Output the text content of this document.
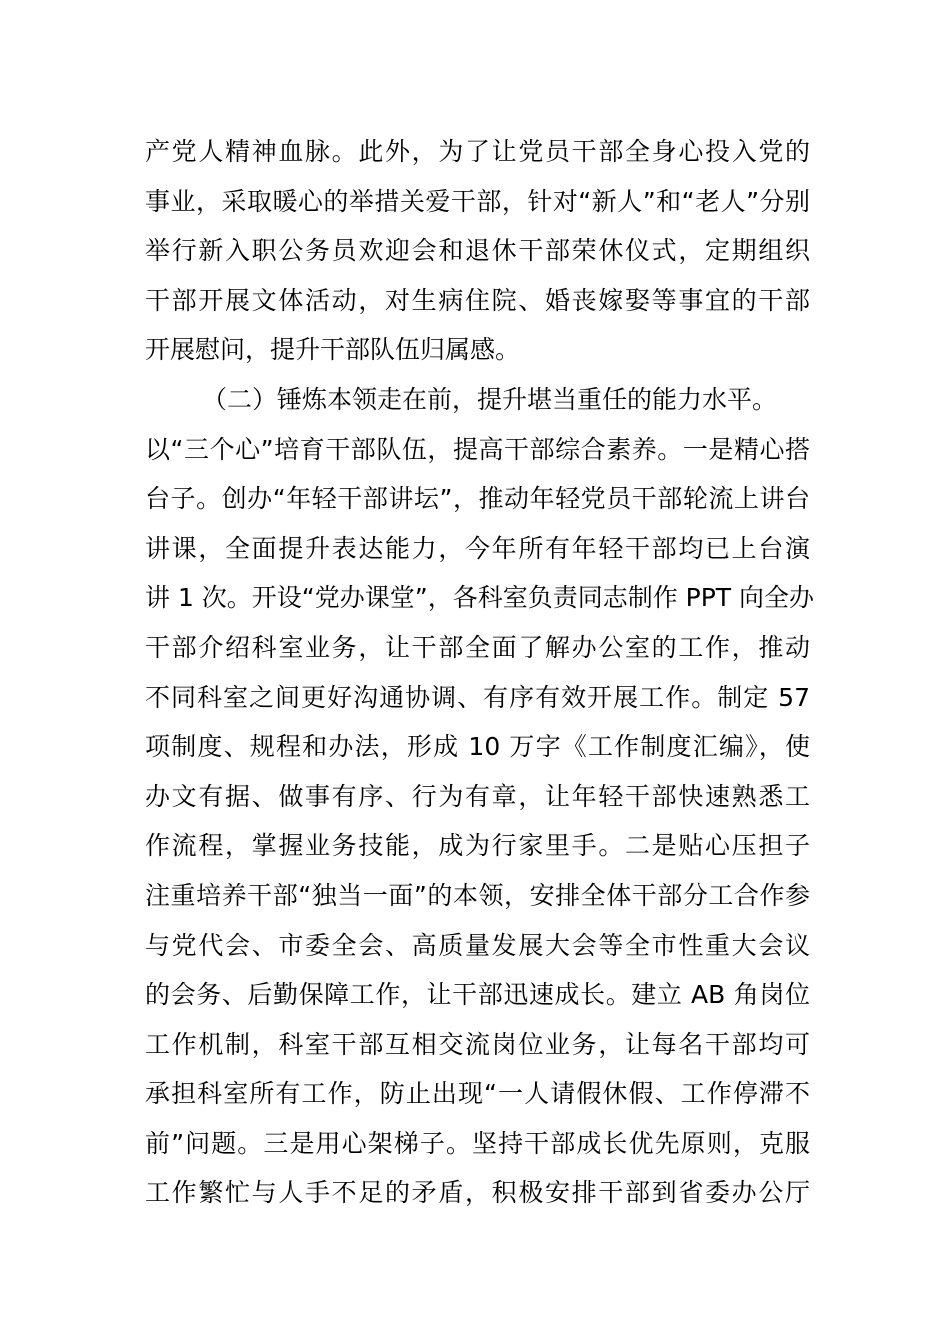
产党人精神血脉。此外，为了让党员干部全身心投入党的
事业，采取暖心的举措关爱干部，针对“新人”和“老人”分别
举行新入职公务员欢迎会和退休干部荣休仪式，定期组织
干部开展文体活动，对生病住院、婚丧嫁娶等事宜的干部
开展慰问，提升干部队伍归属感。
（二）锤炼本领走在前，提升堪当重任的能力水平。
以“三个心”培育干部队伍，提高干部综合素养。一是精心搭
台子。创办“年轻干部讲坛”，推动年轻党员干部轮流上讲台
讲课，全面提升表达能力，今年所有年轻干部均已上台演
讲 1 次。开设“党办课堂”，各科室负责同志制作 PPT 向全办
干部介绍科室业务，让干部全面了解办公室的工作，推动
不同科室之间更好沟通协调、有序有效开展工作。制定 57
项制度、规程和办法，形成 10 万字《工作制度汇编》，使
办文有据、做事有序、行为有章，让年轻干部快速熟悉工
作流程，掌握业务技能，成为行家里手。二是贴心压担子
注重培养干部“独当一面”的本领，安排全体干部分工合作参
与党代会、市委全会、高质量发展大会等全市性重大会议
的会务、后勤保障工作，让干部迅速成长。建立 AB 角岗位
工作机制，科室干部互相交流岗位业务，让每名干部均可
承担科室所有工作，防止出现“一人请假休假、工作停滞不
前”问题。三是用心架梯子。坚持干部成长优先原则，克服
工作繁忙与人手不足的矛盾，积极安排干部到省委办公厅
